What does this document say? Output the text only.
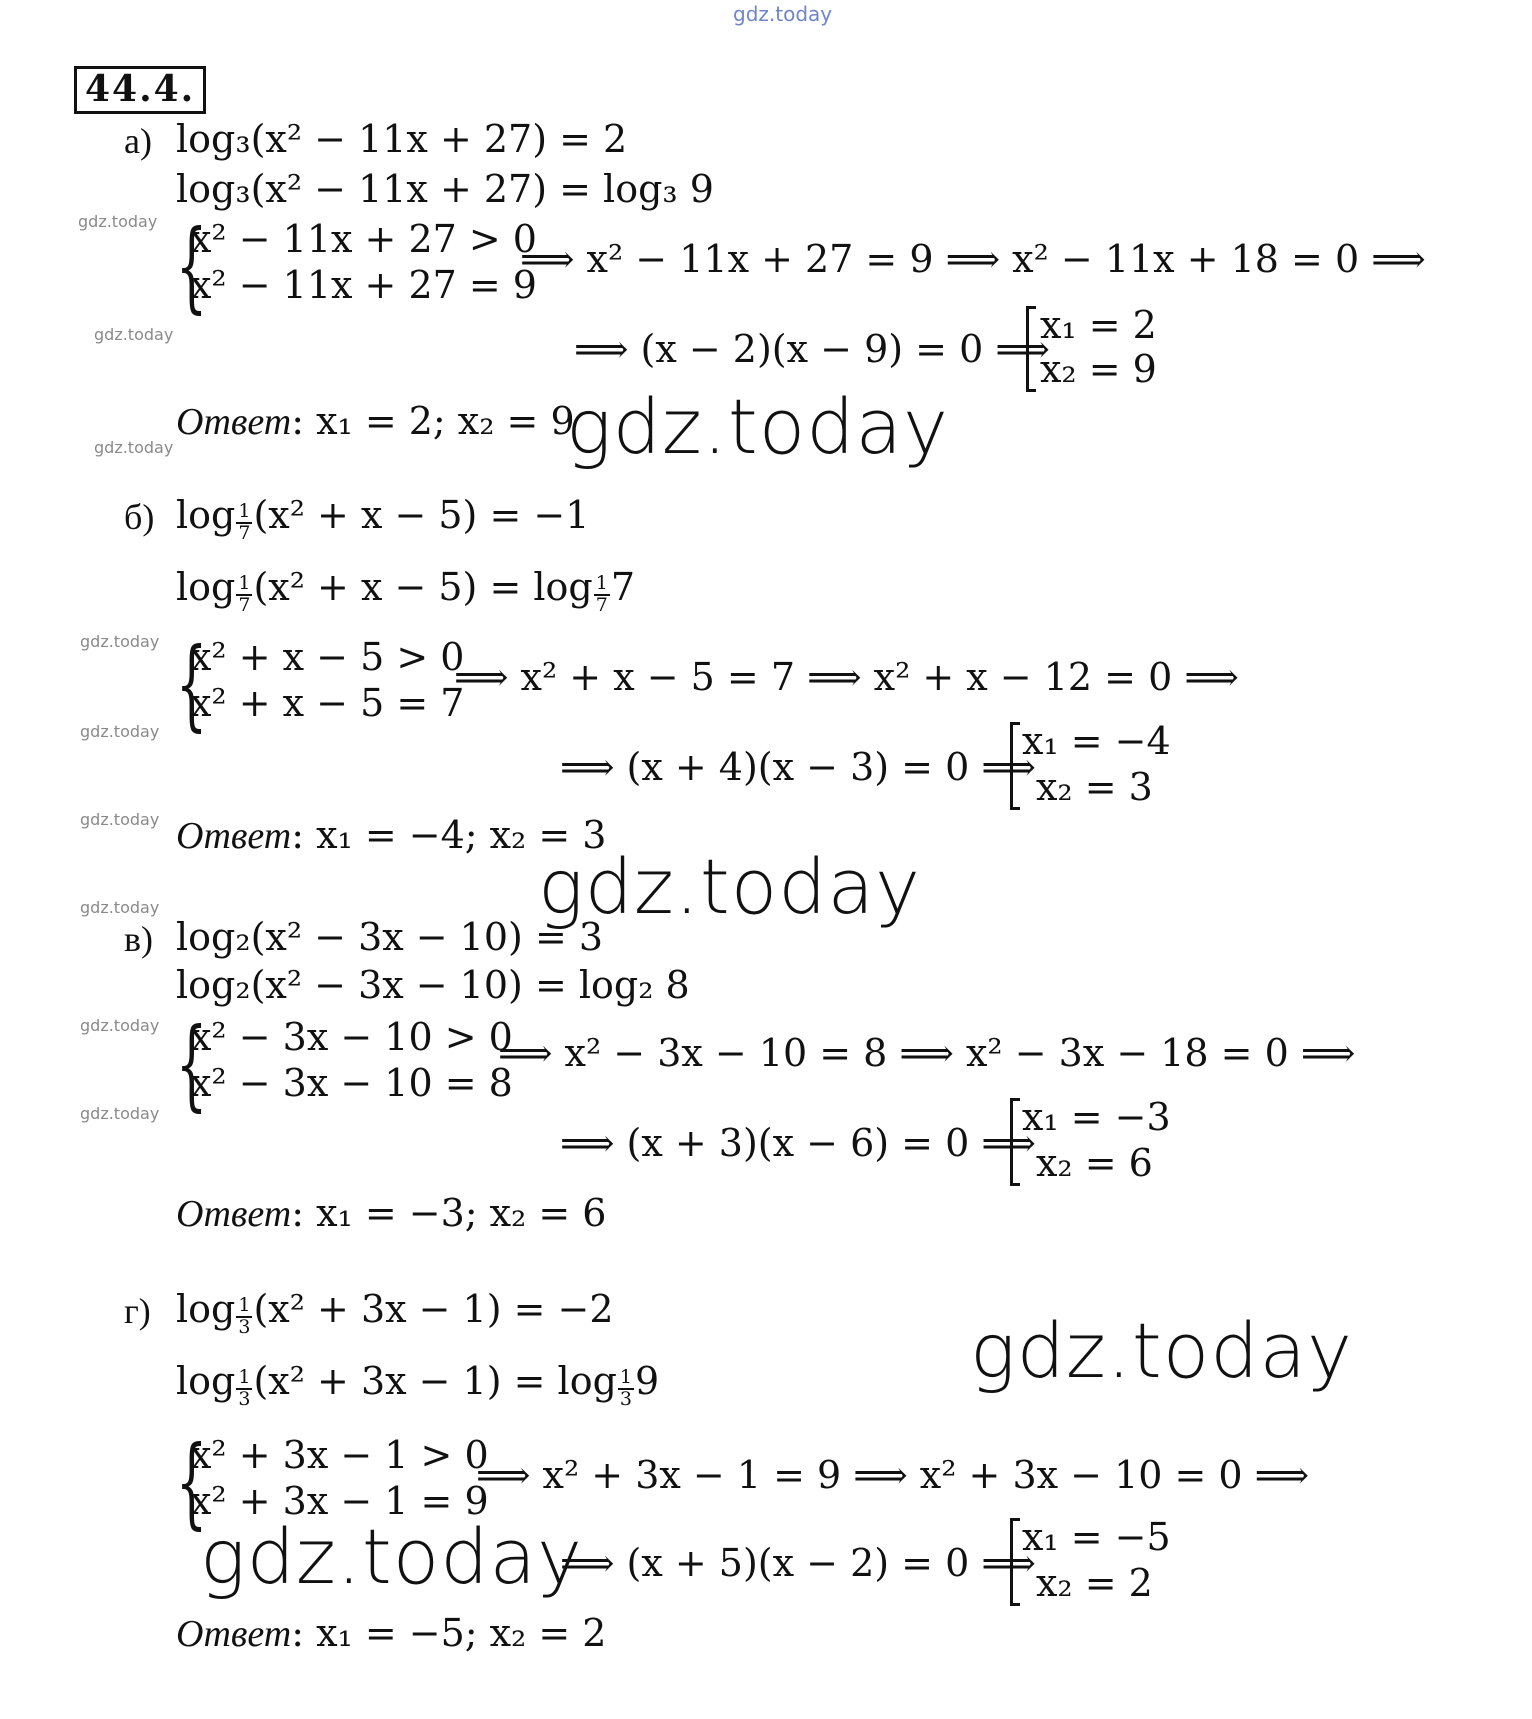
gdz.today
44.4.
а) log₃(x² − 11x + 27) = 2
log₃(x² − 11x + 27) = log₃ 9
gdz.today {
x² − 11x + 27 > 0
x² − 11x + 27 = 9
⟹ x² − 11x + 27 = 9 ⟹ x² − 11x + 18 = 0 ⟹
gdz.today	⟹ (x − 2)(x − 9) = 0 ⟹
x₁ = 2
x₂ = 9
Ответ: x₁ = 2; x₂ = 9
gdz.today
gdz.today
б) $\log \frac{1}{7} (x^2 + x - 5) = -1$
$\log \frac{1}{7} (x^2 + x - 5) = \log \frac{1}{7} 7$
gdz.today {
x² + x − 5 > 0
x² + x − 5 = 7
⟹ x² + x − 5 = 7 ⟹ x² + x − 12 = 0 ⟹
gdz.today
⟹ (x + 4)(x − 3) = 0 ⟹
x₁ = −4
x₂ = 3
gdz.today Ответ: x₁ = −4; x₂ = 3
gdz.today
gdz.today
в) log₂(x² − 3x − 10) = 3
log₂(x² − 3x − 10) = log₂ 8
gdz.today {
x² − 3x − 10 > 0
x² − 3x − 10 = 8
⟹ x² − 3x − 10 = 8 ⟹ x² − 3x − 18 = 0 ⟹
gdz.today
⟹ (x + 3)(x − 6) = 0 ⟹
x₁ = −3
x₂ = 6
Ответ: x₁ = −3; x₂ = 6
г) $\log \frac{1}{3} (x^2 + 3x - 1) = -2$	gdz.today
$\log \frac{1}{3} (x^2 + 3x - 1) = \log \frac{1}{3} 9$
{
x² + 3x − 1 > 0
x² + 3x − 1 = 9
⟹ x² + 3x − 1 = 9 ⟹ x² + 3x − 10 = 0 ⟹
gdz.today
⟹ (x + 5)(x − 2) = 0 ⟹
x₁ = −5
x₂ = 2
Ответ: x₁ = −5; x₂ = 2
